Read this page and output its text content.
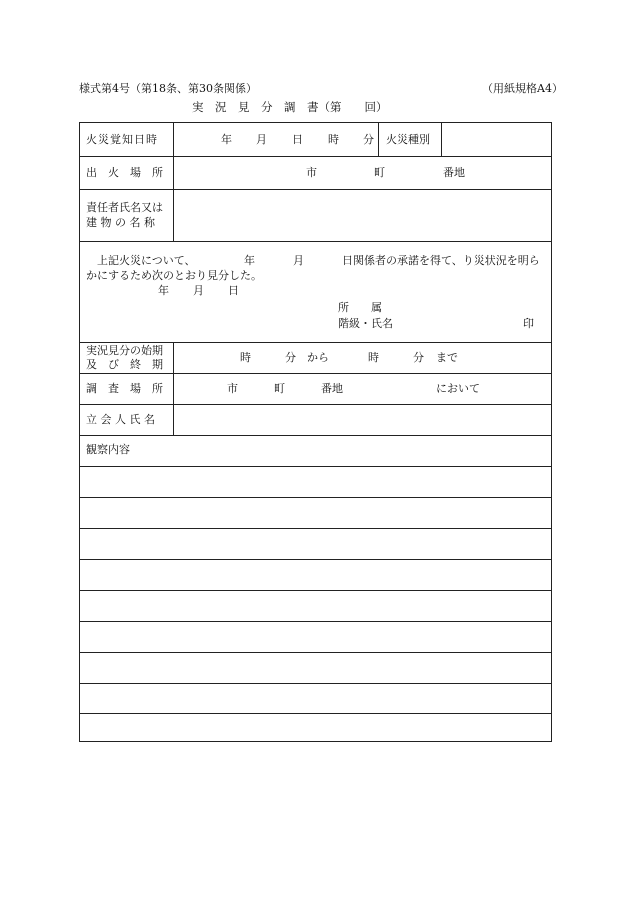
様式第4号（第18条、第30条関係）	（用紙規格A4）
実　況　見　分　調　書（第　　回）
火災覚知日時	年 月 日 時 分 火災種別
出　火　場　所	市	町	番地
責任者氏名又は
建 物 の 名 称
上記火災について、	年	月	日関係者の承諾を得て、り災状況を明ら
かにするため次のとおり見分した。
年 月 日
所　　属
階級・氏名	印
実況見分の始期
及　び　終　期
時	分 から	時	分 まで
調　査　場　所	市	町	番地	において
立 会 人 氏 名
観察内容
